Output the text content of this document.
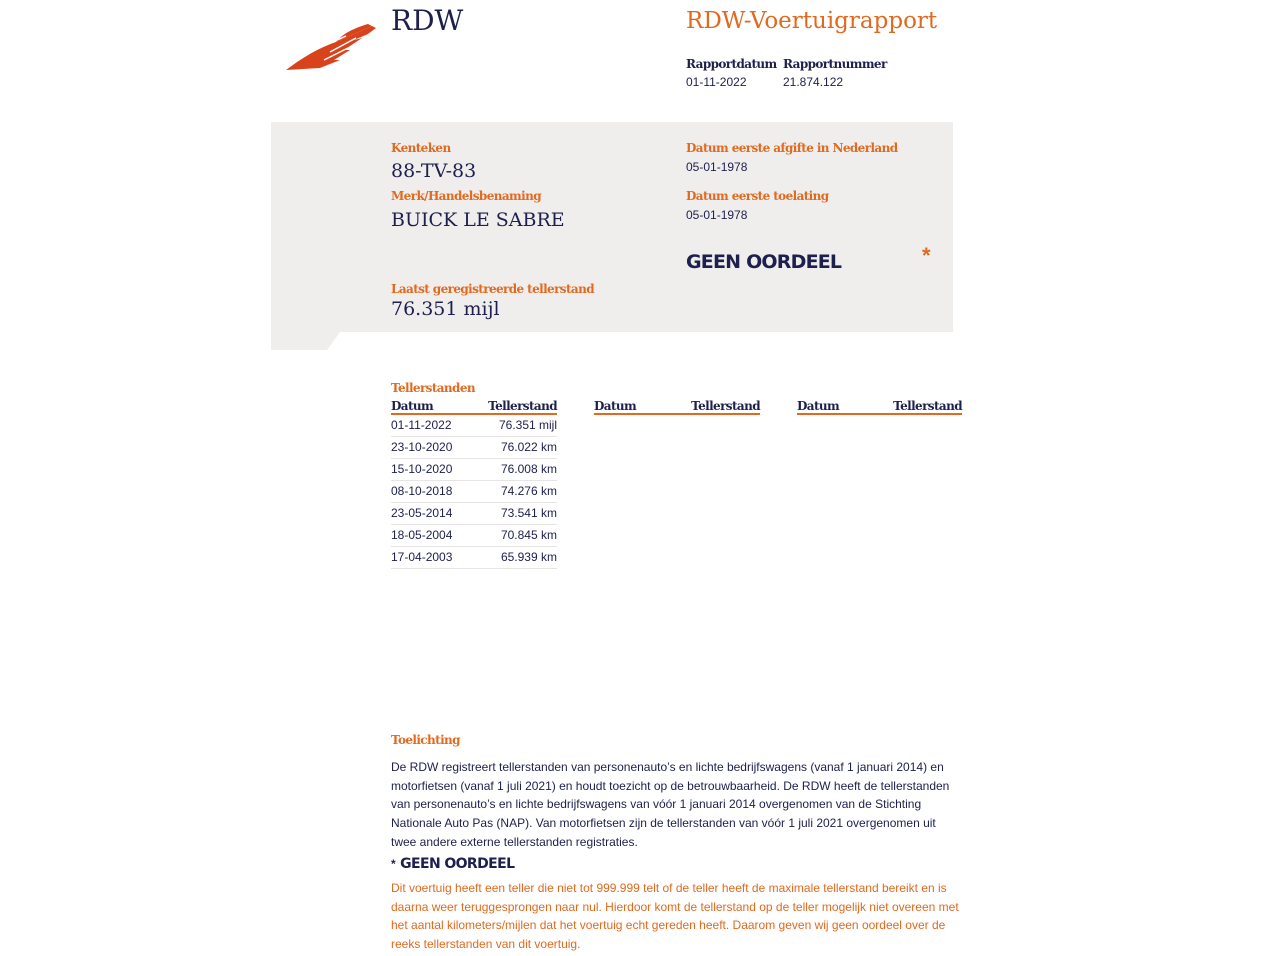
RDW	RDW-Voertuigrapport
Rapportdatum
01-11-2022
Rapportnummer
21.874.122
Kenteken
88-TV-83
Merk/Handelsbenaming
BUICK LE SABRE
Datum eerste afgifte in Nederland
05-01-1978
Datum eerste toelating
05-01-1978
GEEN OORDEEL	*
Laatst geregistreerde tellerstand
76.351 mijl
Tellerstanden
Datum	Tellerstand
01-11-2022	76.351 mijl
23-10-2020	76.022 km
15-10-2020	76.008 km
08-10-2018	74.276 km
23-05-2014	73.541 km
18-05-2004	70.845 km
17-04-2003	65.939 km
Datum	Tellerstand	Datum	Tellerstand
Toelichting
De RDW registreert tellerstanden van personenauto’s en lichte bedrijfswagens (vanaf 1 januari 2014) en
motorfietsen (vanaf 1 juli 2021) en houdt toezicht op de betrouwbaarheid. De RDW heeft de tellerstanden
van personenauto’s en lichte bedrijfswagens van vóór 1 januari 2014 overgenomen van de Stichting
Nationale Auto Pas (NAP). Van motorfietsen zijn de tellerstanden van vóór 1 juli 2021 overgenomen uit
twee andere externe tellerstanden registraties.
* GEEN OORDEEL
Dit voertuig heeft een teller die niet tot 999.999 telt of de teller heeft de maximale tellerstand bereikt en is
daarna weer teruggesprongen naar nul. Hierdoor komt de tellerstand op de teller mogelijk niet overeen met
het aantal kilometers/mijlen dat het voertuig echt gereden heeft. Daarom geven wij geen oordeel over de
reeks tellerstanden van dit voertuig.
